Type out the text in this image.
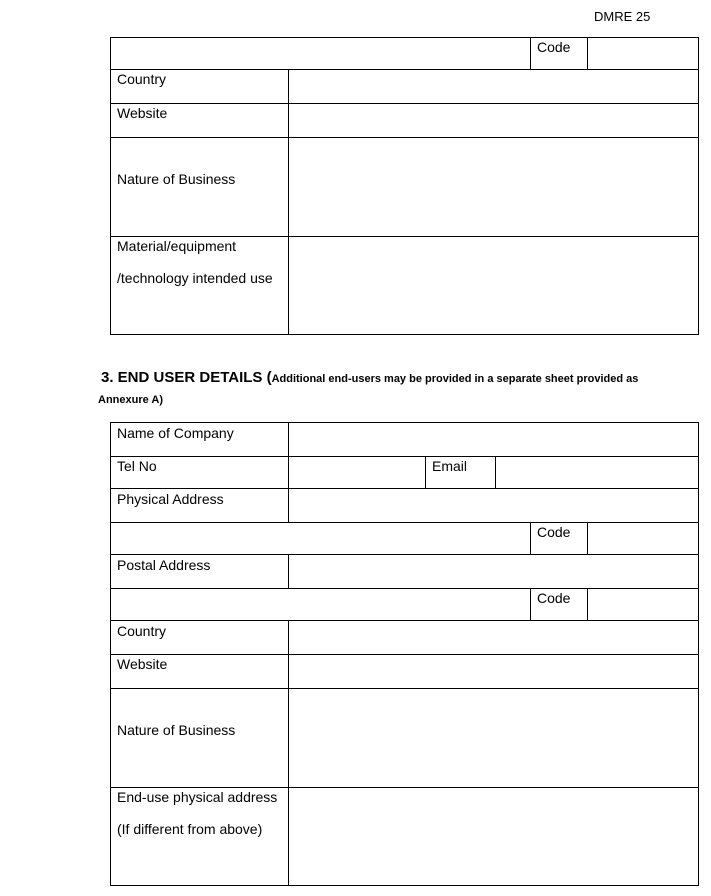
DMRE 25
Code
Country
Website
Nature of Business
Material/equipment
/technology intended use
3. END USER DETAILS (Additional end-users may be provided in a separate sheet provided as
Annexure A)
Name of Company
Tel No	Email
Physical Address
Code
Postal Address
Code
Country
Website
Nature of Business
End-use physical address
(If different from above)
